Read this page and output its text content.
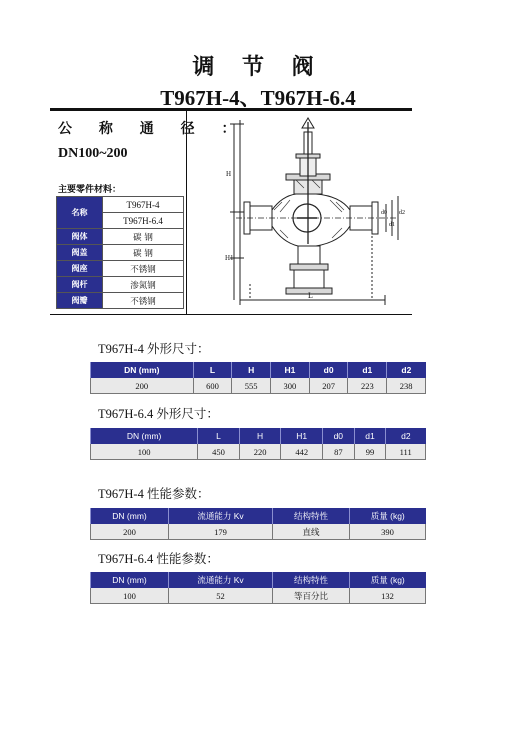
调 节 阀
T967H-4、T967H-6.4
公 称 通 径 ：
DN100~200
主要零件材料：
名称	T967H-4
	T967H-6.4
阀体	碳 钢
阀盖	碳 钢
阀座	不锈钢
阀杆	渗氮钢
阀瓣	不锈钢
H
H1
L
d0
d1
d2
T967H-4 外形尺寸：
DN (mm)	L	H	H1	d0	d1	d2
200	600	555	300	207	223	238
T967H-6.4 外形尺寸：
DN (mm)	L	H	H1	d0	d1	d2
100	450	220	442	87	99	111
T967H-4 性能参数：
DN (mm)	流通能力 Kv	结构特性	质量 (kg)
200	179	直线	390
T967H-6.4 性能参数：
DN (mm)	流通能力 Kv	结构特性	质量 (kg)
100	52	等百分比	132
